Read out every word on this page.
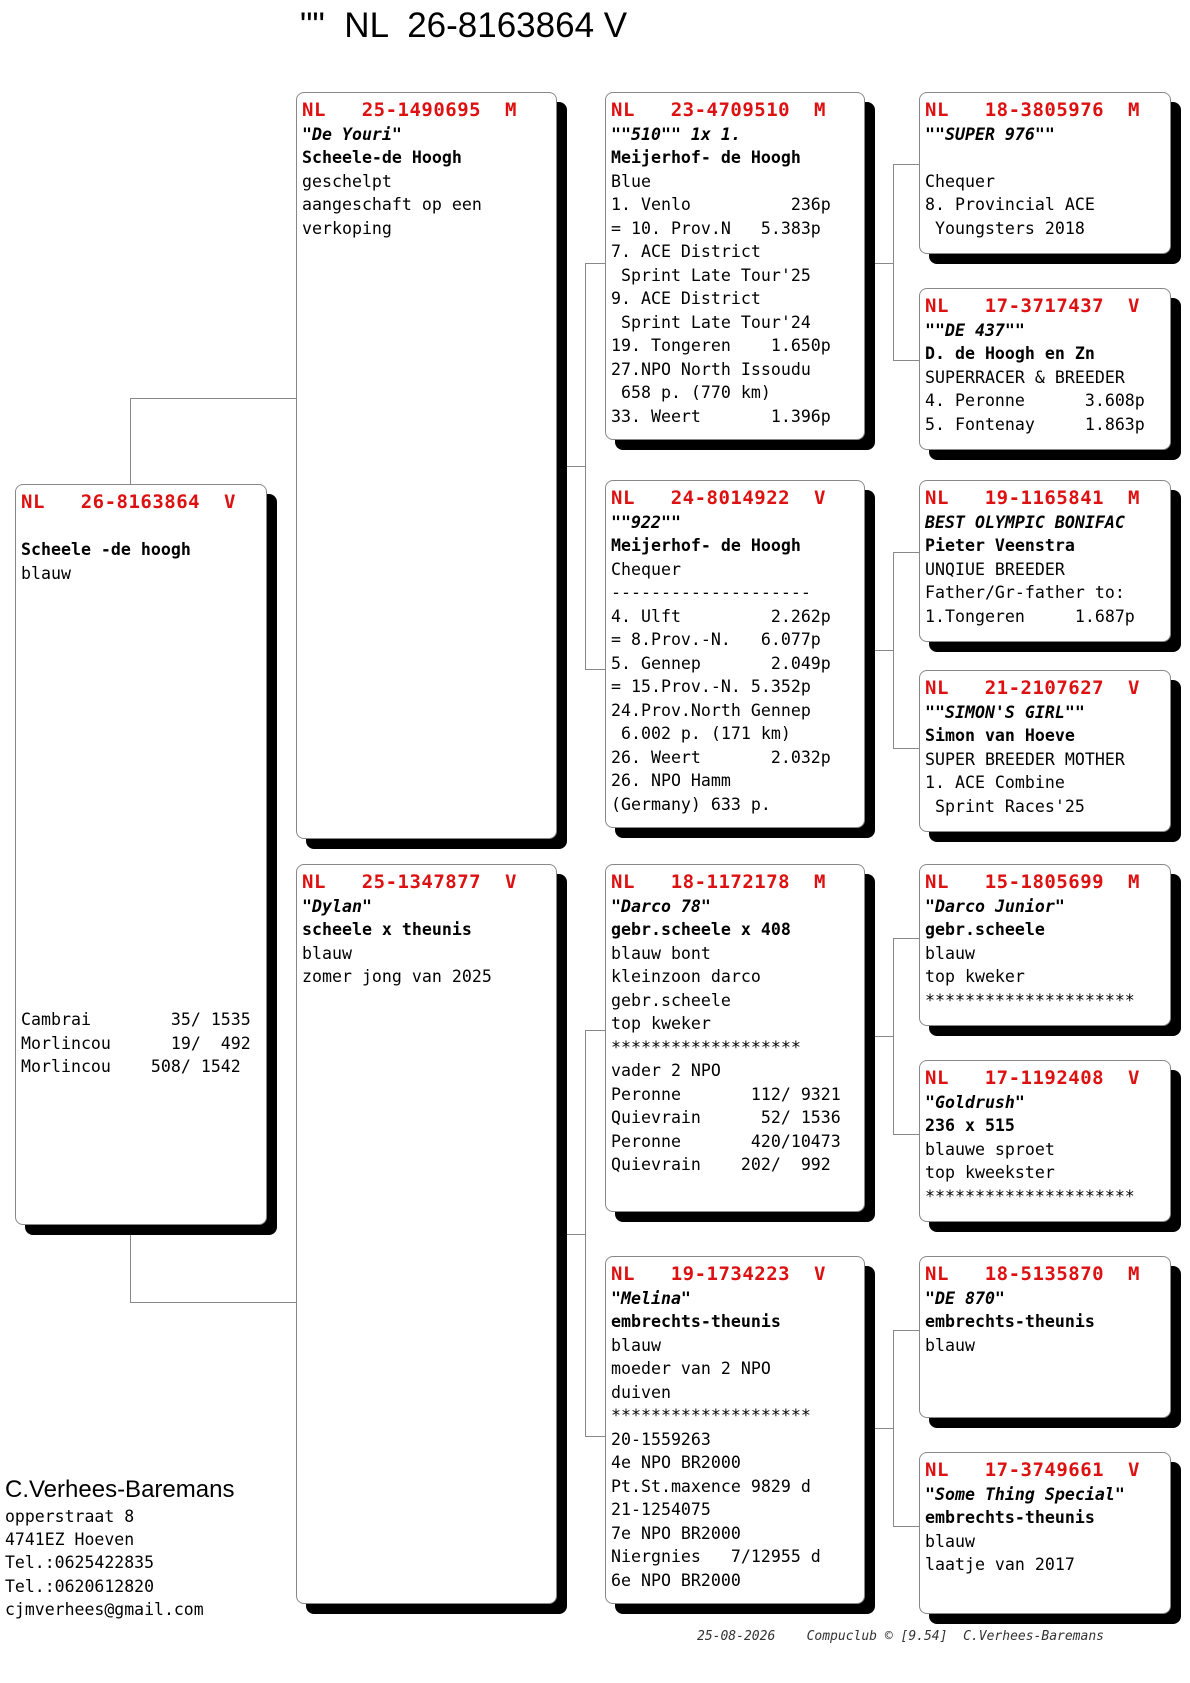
""  NL  26-8163864 V
NL   26-8163864  V
Scheele -de hoogh
blauw
Cambrai        35/ 1535
Morlincou      19/  492
Morlincou    508/ 1542
NL   25-1490695  M
"De Youri"
Scheele-de Hoogh
geschelpt
aangeschaft op een
verkoping
NL   25-1347877  V
"Dylan"
scheele x theunis
blauw
zomer jong van 2025
NL   23-4709510  M
""510"" 1x 1.
Meijerhof- de Hoogh
Blue
1. Venlo          236p
= 10. Prov.N   5.383p
7. ACE District
Sprint Late Tour'25
9. ACE District
Sprint Late Tour'24
19. Tongeren    1.650p
27.NPO North Issoudu
658 p. (770 km)
33. Weert       1.396p
NL   24-8014922  V
""922""
Meijerhof- de Hoogh
Chequer
--------------------
4. Ulft         2.262p
= 8.Prov.-N.   6.077p
5. Gennep       2.049p
= 15.Prov.-N. 5.352p
24.Prov.North Gennep
6.002 p. (171 km)
26. Weert       2.032p
26. NPO Hamm
(Germany) 633 p.
NL   18-1172178  M
"Darco 78"
gebr.scheele x 408
blauw bont
kleinzoon darco
gebr.scheele
top kweker
*******************
vader 2 NPO
Peronne       112/ 9321
Quievrain      52/ 1536
Peronne       420/10473
Quievrain    202/  992
NL   19-1734223  V
"Melina"
embrechts-theunis
blauw
moeder van 2 NPO
duiven
********************
20-1559263
4e NPO BR2000
Pt.St.maxence 9829 d
21-1254075
7e NPO BR2000
Niergnies   7/12955 d
6e NPO BR2000
NL   18-3805976  M
""SUPER 976""
Chequer
8. Provincial ACE
Youngsters 2018
NL   17-3717437  V
""DE 437""
D. de Hoogh en Zn
SUPERRACER & BREEDER
4. Peronne      3.608p
5. Fontenay     1.863p
NL   19-1165841  M
BEST OLYMPIC BONIFAC
Pieter Veenstra
UNQIUE BREEDER
Father/Gr-father to:
1.Tongeren     1.687p
NL   21-2107627  V
""SIMON'S GIRL""
Simon van Hoeve
SUPER BREEDER MOTHER
1. ACE Combine
Sprint Races'25
NL   15-1805699  M
"Darco Junior"
gebr.scheele
blauw
top kweker
*********************
NL   17-1192408  V
"Goldrush"
236 x 515
blauwe sproet
top kweekster
*********************
NL   18-5135870  M
"DE 870"
embrechts-theunis
blauw
NL   17-3749661  V
"Some Thing Special"
embrechts-theunis
blauw
laatje van 2017
C.Verhees-Baremans
opperstraat 8
4741EZ Hoeven
Tel.:0625422835
Tel.:0620612820
cjmverhees@gmail.com
25-08-2026    Compuclub © [9.54]  C.Verhees-Baremans
